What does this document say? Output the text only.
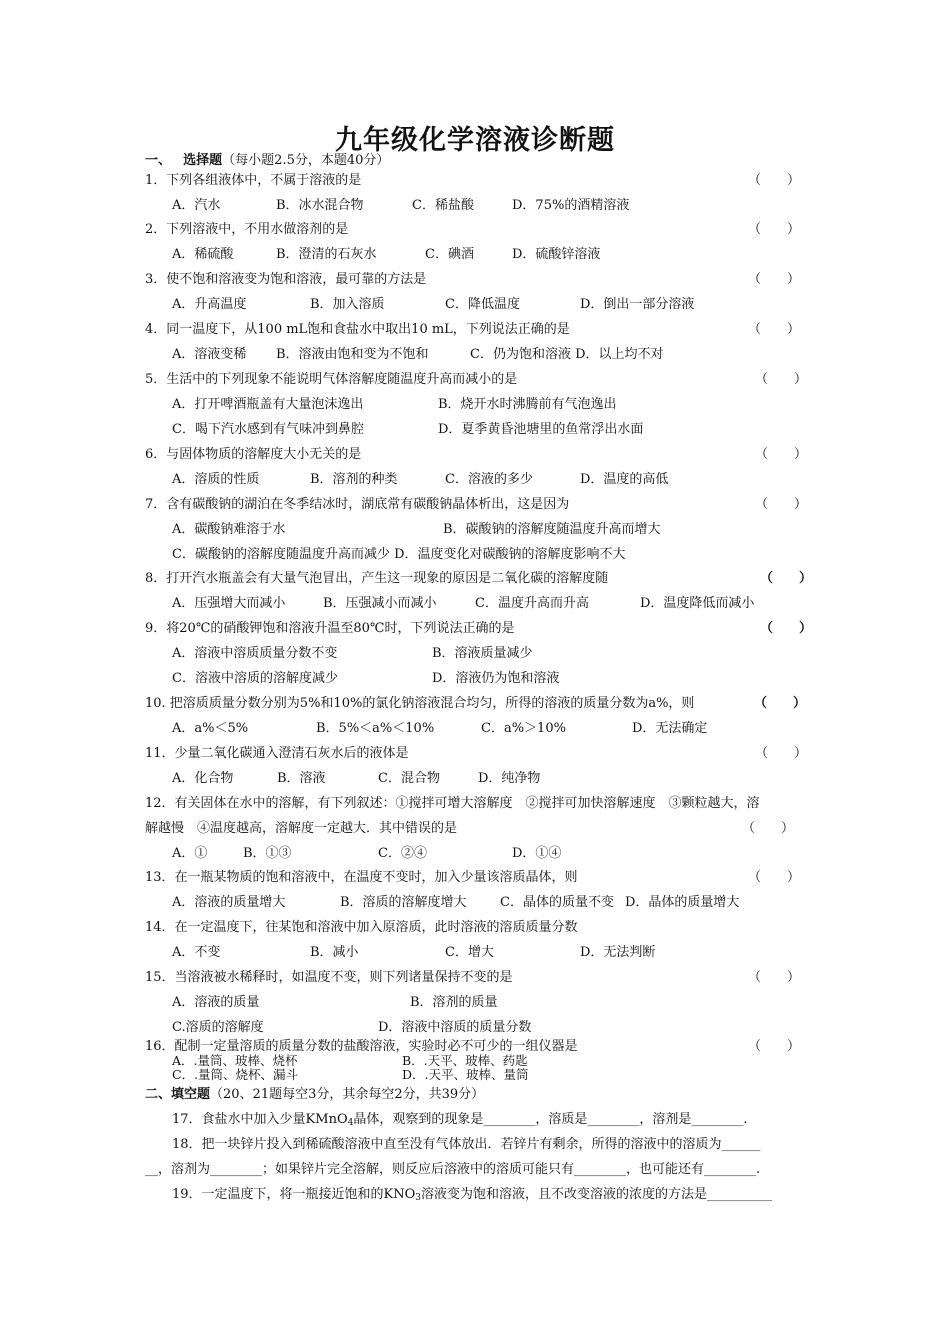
九年级化学溶液诊断题
一、 选择题（每小题2.5分，本题40分）
1．下列各组液体中，不属于溶液的是	（　　）
A．汽水	B．冰水混合物	C．稀盐酸	D．75%的酒精溶液
2．下列溶液中，不用水做溶剂的是	（　　）
A．稀硫酸	B．澄清的石灰水	C．碘酒	D．硫酸锌溶液
3．使不饱和溶液变为饱和溶液，最可靠的方法是	（　　）
A．升高温度	B．加入溶质	C．降低温度	D．倒出一部分溶液
4．同一温度下，从100 mL饱和食盐水中取出10 mL，下列说法正确的是	（　　）
A．溶液变稀 B．溶液由饱和变为不饱和	C．仍为饱和溶液 D．以上均不对
5．生活中的下列现象不能说明气体溶解度随温度升高而减小的是	（　　）
A．打开啤酒瓶盖有大量泡沫逸出	B．烧开水时沸腾前有气泡逸出
C．喝下汽水感到有气味冲到鼻腔	D．夏季黄昏池塘里的鱼常浮出水面
6．与固体物质的溶解度大小无关的是	（　　）
A．溶质的性质	B．溶剂的种类	C．溶液的多少	D．温度的高低
7．含有碳酸钠的湖泊在冬季结冰时，湖底常有碳酸钠晶体析出，这是因为	（　　）
A．碳酸钠难溶于水	B．碳酸钠的溶解度随温度升高而增大
C．碳酸钠的溶解度随温度升高而减少 D．温度变化对碳酸钠的溶解度影响不大
8．打开汽水瓶盖会有大量气泡冒出，产生这一现象的原因是二氧化碳的溶解度随	（　　）
A．压强增大而减小	B．压强减小而减小	C．温度升高而升高	D．温度降低而减小
9．将20℃的硝酸钾饱和溶液升温至80℃时，下列说法正确的是	（　　）
A．溶液中溶质质量分数不变	B．溶液质量减少
C．溶液中溶质的溶解度减少	D．溶液仍为饱和溶液
10. 把溶质质量分数分别为5%和10%的氯化钠溶液混合均匀，所得的溶液的质量分数为a%，则	（　　）
A．a%＜5%	B．5%＜a%＜10%	C．a%＞10%	D．无法确定
11．少量二氧化碳通入澄清石灰水后的液体是	（　　）
A．化合物	B．溶液	C．混合物	D．纯净物
12．有关固体在水中的溶解，有下列叙述：①搅拌可增大溶解度　②搅拌可加快溶解速度　③颗粒越大，溶
解越慢　④温度越高，溶解度一定越大．其中错误的是	（　　）
A．①	B．①③	C．②④	D．①④
13．在一瓶某物质的饱和溶液中，在温度不变时，加入少量该溶质晶体，则	（　　）
A．溶液的质量增大	B．溶质的溶解度增大	C．晶体的质量不变 D．晶体的质量增大
14．在一定温度下，往某饱和溶液中加入原溶质，此时溶液的溶质质量分数
A．不变	B．减小	C．增大	D．无法判断
15．当溶液被水稀释时，如温度不变，则下列诸量保持不变的是	（　　）
A．溶液的质量	B．溶剂的质量
C.溶质的溶解度	D．溶液中溶质的质量分数
16．配制一定量溶质的质量分数的盐酸溶液，实验时必不可少的一组仪器是	（　　）
A．.量筒、玻棒、烧杯	B．.天平、玻棒、药匙
C．.量筒、烧杯、漏斗	D．.天平、玻棒、量筒
二、填空题（20、21题每空3分，其余每空2分，共39分）
17．食盐水中加入少量KMnO$_4$晶体，观察到的现象是________，溶质是________，溶剂是________.
18．把一块锌片投入到稀硫酸溶液中直至没有气体放出．若锌片有剩余，所得的溶液中的溶质为______
__，溶剂为________；如果锌片完全溶解，则反应后溶液中的溶质可能只有________，也可能还有________.
19．一定温度下，将一瓶接近饱和的$KNO_3$溶液变为饱和溶液，且不改变溶液的浓度的方法是__________
